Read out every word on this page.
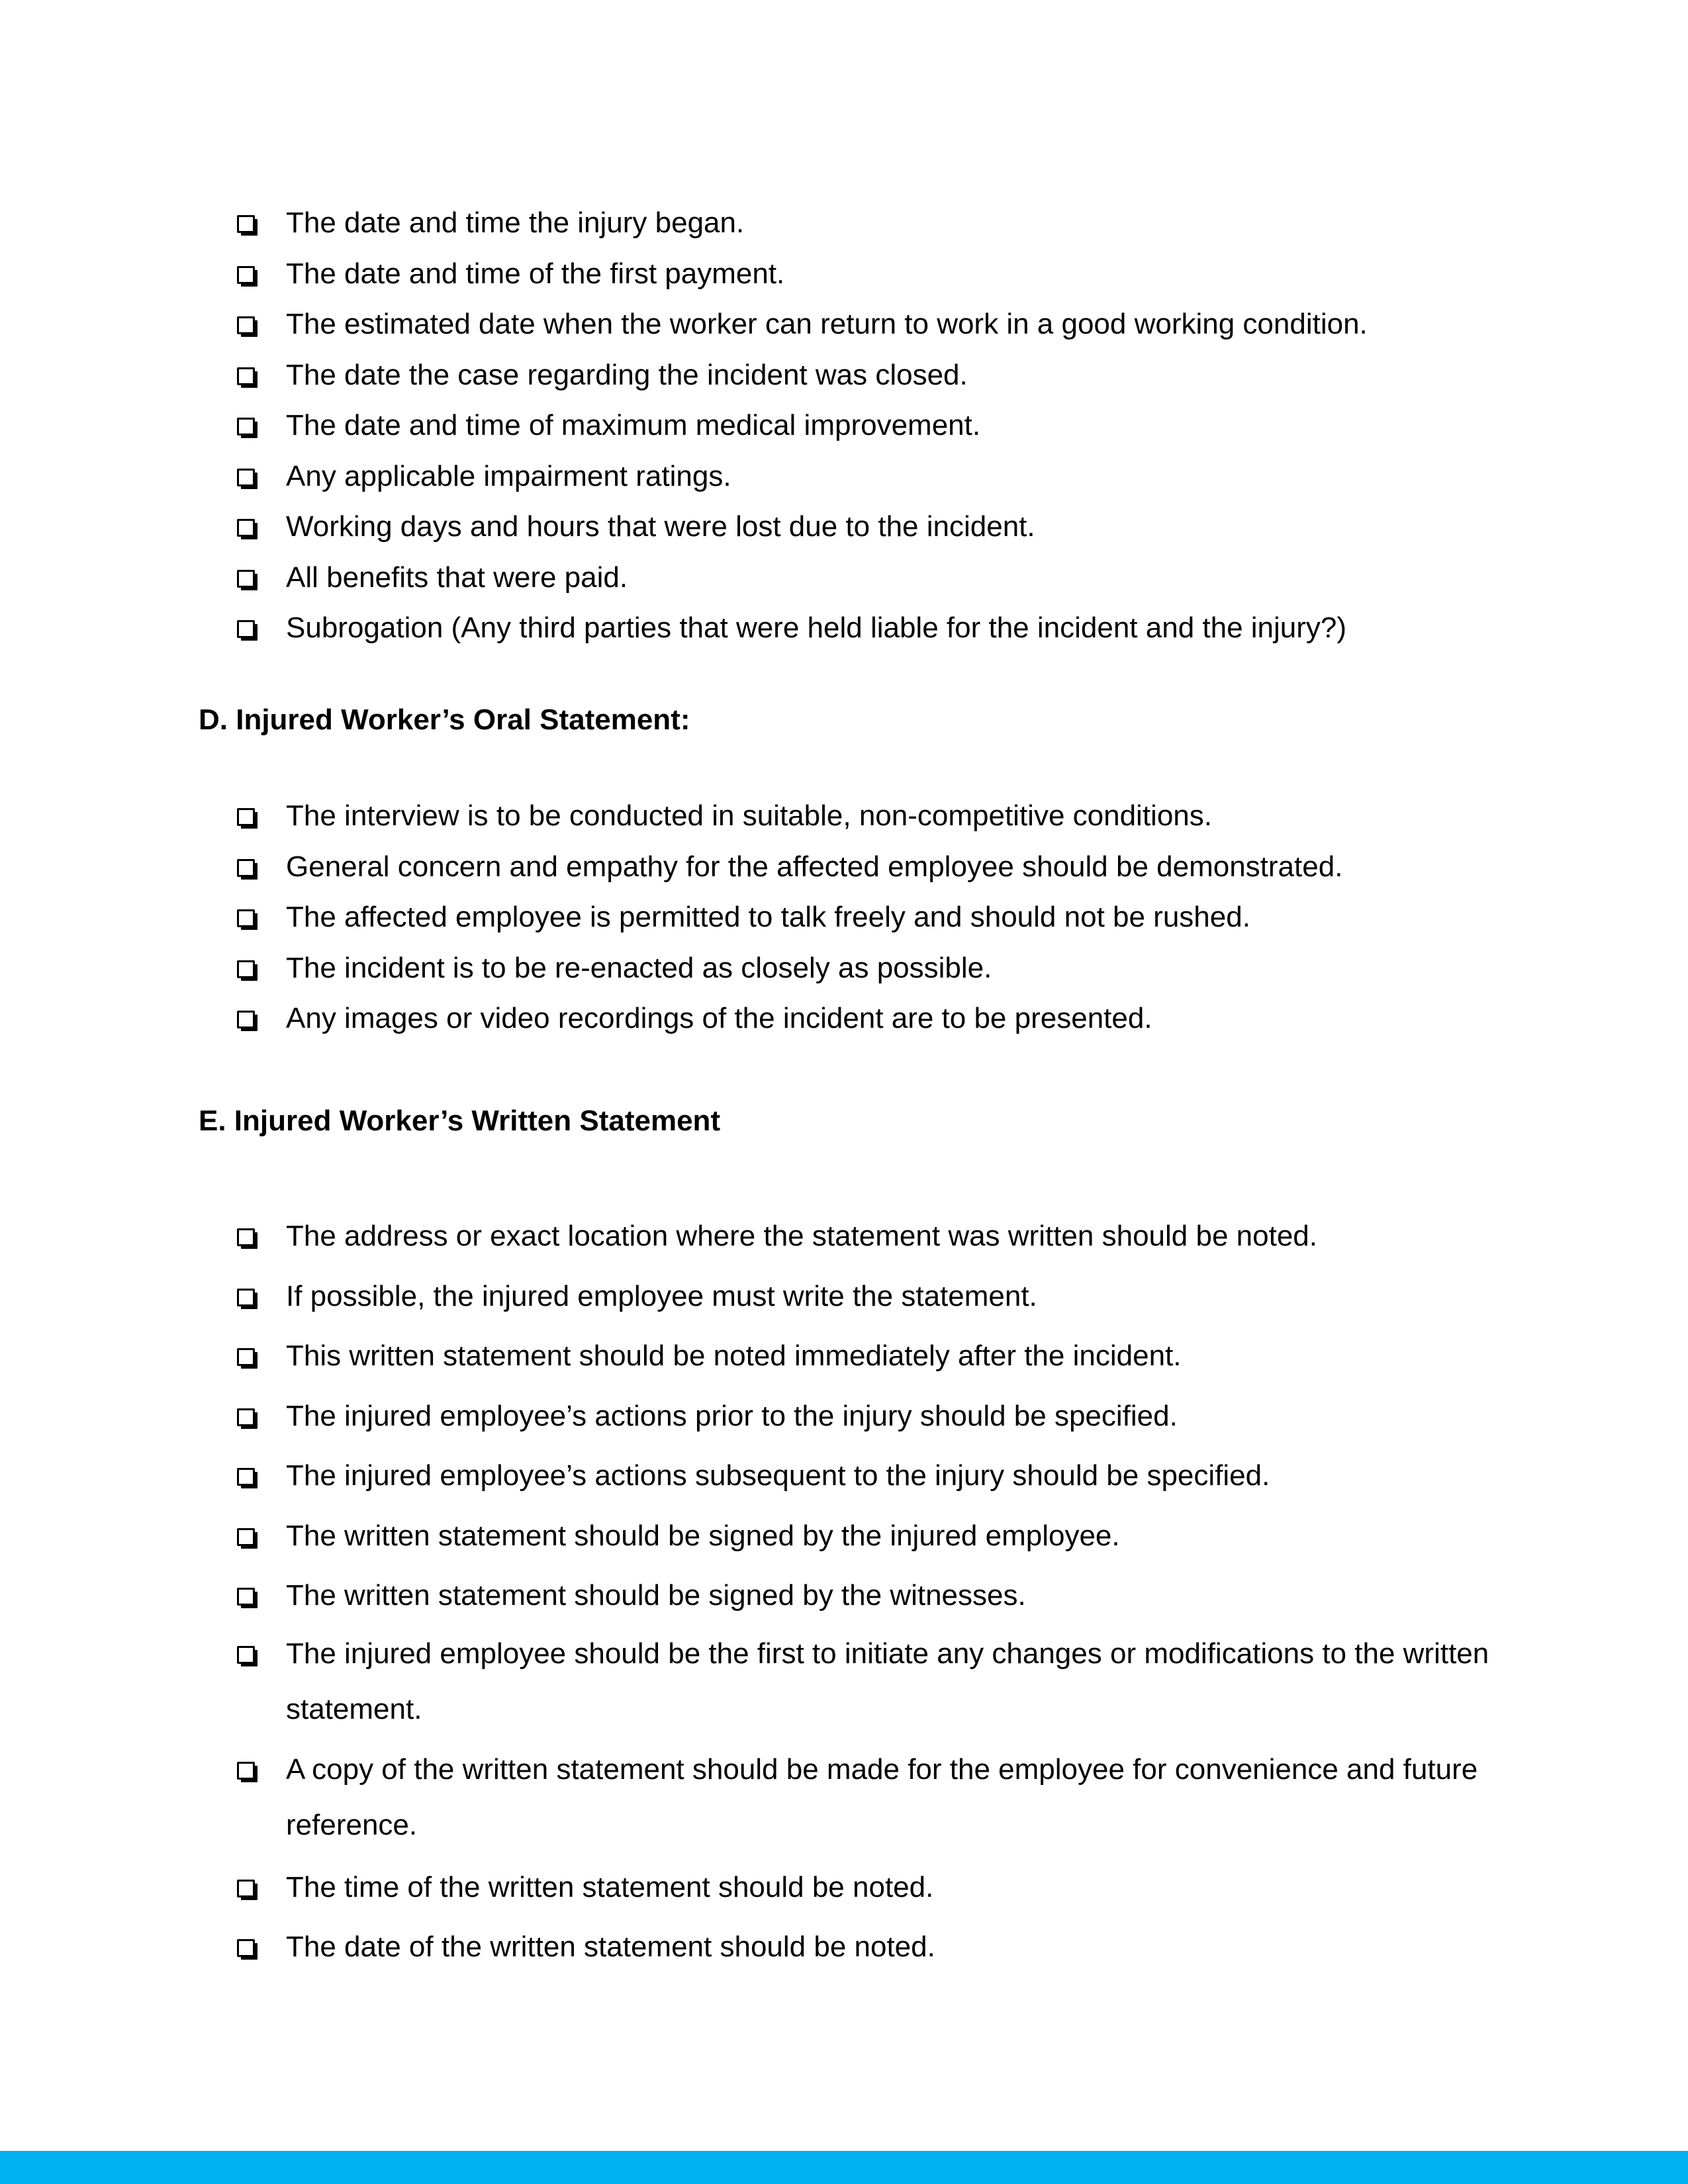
The date and time the injury began.
The date and time of the first payment.
The estimated date when the worker can return to work in a good working condition.
The date the case regarding the incident was closed.
The date and time of maximum medical improvement.
Any applicable impairment ratings.
Working days and hours that were lost due to the incident.
All benefits that were paid.
Subrogation (Any third parties that were held liable for the incident and the injury?)
D. Injured Worker’s Oral Statement:
The interview is to be conducted in suitable, non-competitive conditions.
General concern and empathy for the affected employee should be demonstrated.
The affected employee is permitted to talk freely and should not be rushed.
The incident is to be re-enacted as closely as possible.
Any images or video recordings of the incident are to be presented.
E. Injured Worker’s Written Statement
The address or exact location where the statement was written should be noted.
If possible, the injured employee must write the statement.
This written statement should be noted immediately after the incident.
The injured employee’s actions prior to the injury should be specified.
The injured employee’s actions subsequent to the injury should be specified.
The written statement should be signed by the injured employee.
The written statement should be signed by the witnesses.
The injured employee should be the first to initiate any changes or modifications to the written statement.
A copy of the written statement should be made for the employee for convenience and future reference.
The time of the written statement should be noted.
The date of the written statement should be noted.
